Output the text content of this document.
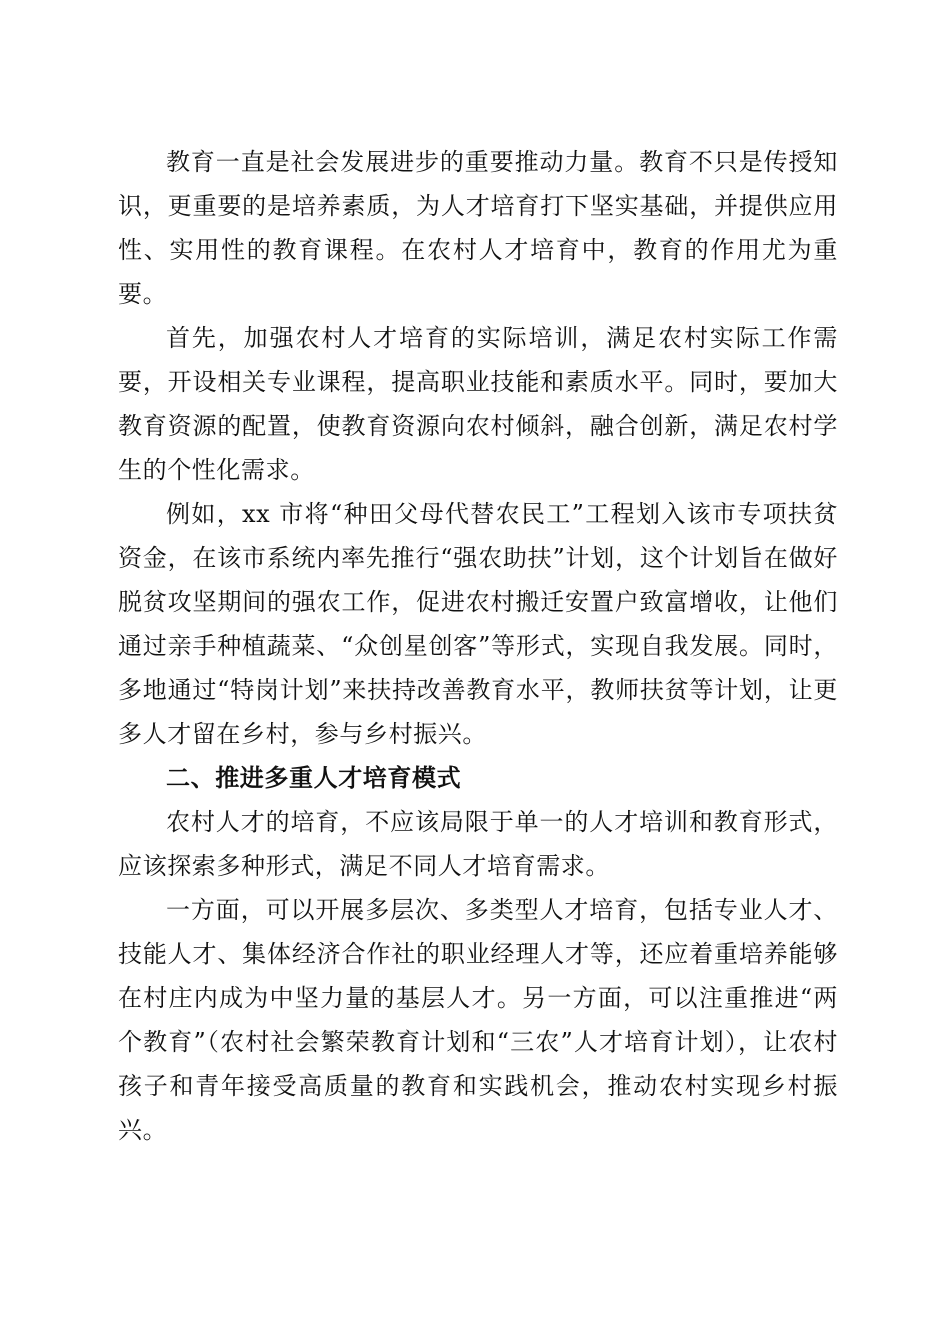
教育一直是社会发展进步的重要推动力量。教育不只是传授知识，更重要的是培养素质，为人才培育打下坚实基础，并提供应用性、实用性的教育课程。在农村人才培育中，教育的作用尤为重要。

首先，加强农村人才培育的实际培训，满足农村实际工作需要，开设相关专业课程，提高职业技能和素质水平。同时，要加大教育资源的配置，使教育资源向农村倾斜，融合创新，满足农村学生的个性化需求。

例如，xx 市将“种田父母代替农民工”工程划入该市专项扶贫资金，在该市系统内率先推行“强农助扶”计划，这个计划旨在做好脱贫攻坚期间的强农工作，促进农村搬迁安置户致富增收，让他们通过亲手种植蔬菜、“众创星创客”等形式，实现自我发展。同时，多地通过“特岗计划”来扶持改善教育水平，教师扶贫等计划，让更多人才留在乡村，参与乡村振兴。

二、推进多重人才培育模式

农村人才的培育，不应该局限于单一的人才培训和教育形式，应该探索多种形式，满足不同人才培育需求。

一方面，可以开展多层次、多类型人才培育，包括专业人才、技能人才、集体经济合作社的职业经理人才等，还应着重培养能够在村庄内成为中坚力量的基层人才。另一方面，可以注重推进“两个教育”（农村社会繁荣教育计划和“三农”人才培育计划），让农村孩子和青年接受高质量的教育和实践机会，推动农村实现乡村振兴。
